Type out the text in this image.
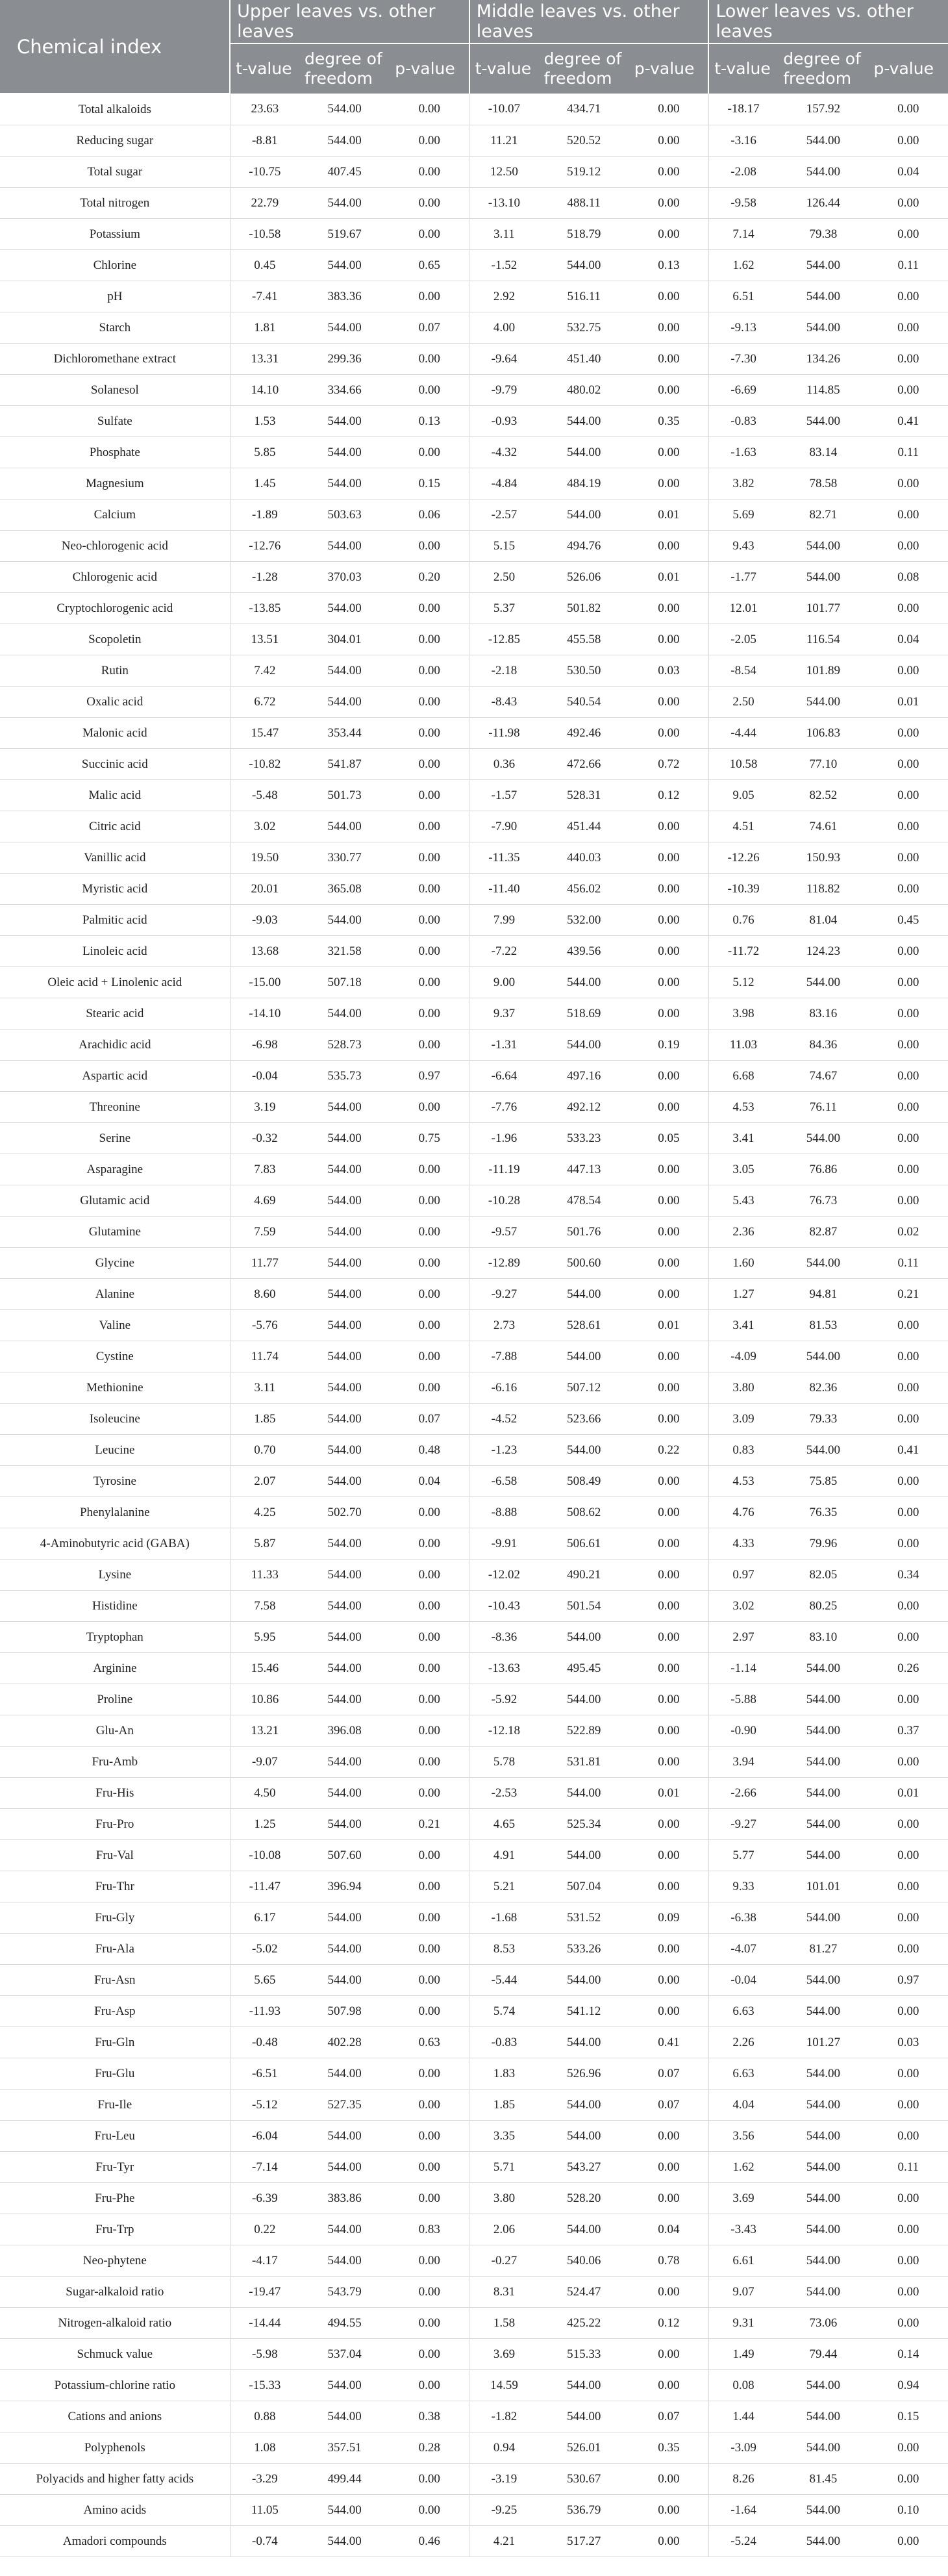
Chemical index	Upper leaves vs. other leaves			Middle leaves vs. other leaves			Lower leaves vs. other leaves		
	t-value	degree of freedom	p-value	t-value	degree of freedom	p-value	t-value	degree of freedom	p-value
Total alkaloids	23.63	544.00	0.00	-10.07	434.71	0.00	-18.17	157.92	0.00
Reducing sugar	-8.81	544.00	0.00	11.21	520.52	0.00	-3.16	544.00	0.00
Total sugar	-10.75	407.45	0.00	12.50	519.12	0.00	-2.08	544.00	0.04
Total nitrogen	22.79	544.00	0.00	-13.10	488.11	0.00	-9.58	126.44	0.00
Potassium	-10.58	519.67	0.00	3.11	518.79	0.00	7.14	79.38	0.00
Chlorine	0.45	544.00	0.65	-1.52	544.00	0.13	1.62	544.00	0.11
pH	-7.41	383.36	0.00	2.92	516.11	0.00	6.51	544.00	0.00
Starch	1.81	544.00	0.07	4.00	532.75	0.00	-9.13	544.00	0.00
Dichloromethane extract	13.31	299.36	0.00	-9.64	451.40	0.00	-7.30	134.26	0.00
Solanesol	14.10	334.66	0.00	-9.79	480.02	0.00	-6.69	114.85	0.00
Sulfate	1.53	544.00	0.13	-0.93	544.00	0.35	-0.83	544.00	0.41
Phosphate	5.85	544.00	0.00	-4.32	544.00	0.00	-1.63	83.14	0.11
Magnesium	1.45	544.00	0.15	-4.84	484.19	0.00	3.82	78.58	0.00
Calcium	-1.89	503.63	0.06	-2.57	544.00	0.01	5.69	82.71	0.00
Neo-chlorogenic acid	-12.76	544.00	0.00	5.15	494.76	0.00	9.43	544.00	0.00
Chlorogenic acid	-1.28	370.03	0.20	2.50	526.06	0.01	-1.77	544.00	0.08
Cryptochlorogenic acid	-13.85	544.00	0.00	5.37	501.82	0.00	12.01	101.77	0.00
Scopoletin	13.51	304.01	0.00	-12.85	455.58	0.00	-2.05	116.54	0.04
Rutin	7.42	544.00	0.00	-2.18	530.50	0.03	-8.54	101.89	0.00
Oxalic acid	6.72	544.00	0.00	-8.43	540.54	0.00	2.50	544.00	0.01
Malonic acid	15.47	353.44	0.00	-11.98	492.46	0.00	-4.44	106.83	0.00
Succinic acid	-10.82	541.87	0.00	0.36	472.66	0.72	10.58	77.10	0.00
Malic acid	-5.48	501.73	0.00	-1.57	528.31	0.12	9.05	82.52	0.00
Citric acid	3.02	544.00	0.00	-7.90	451.44	0.00	4.51	74.61	0.00
Vanillic acid	19.50	330.77	0.00	-11.35	440.03	0.00	-12.26	150.93	0.00
Myristic acid	20.01	365.08	0.00	-11.40	456.02	0.00	-10.39	118.82	0.00
Palmitic acid	-9.03	544.00	0.00	7.99	532.00	0.00	0.76	81.04	0.45
Linoleic acid	13.68	321.58	0.00	-7.22	439.56	0.00	-11.72	124.23	0.00
Oleic acid + Linolenic acid	-15.00	507.18	0.00	9.00	544.00	0.00	5.12	544.00	0.00
Stearic acid	-14.10	544.00	0.00	9.37	518.69	0.00	3.98	83.16	0.00
Arachidic acid	-6.98	528.73	0.00	-1.31	544.00	0.19	11.03	84.36	0.00
Aspartic acid	-0.04	535.73	0.97	-6.64	497.16	0.00	6.68	74.67	0.00
Threonine	3.19	544.00	0.00	-7.76	492.12	0.00	4.53	76.11	0.00
Serine	-0.32	544.00	0.75	-1.96	533.23	0.05	3.41	544.00	0.00
Asparagine	7.83	544.00	0.00	-11.19	447.13	0.00	3.05	76.86	0.00
Glutamic acid	4.69	544.00	0.00	-10.28	478.54	0.00	5.43	76.73	0.00
Glutamine	7.59	544.00	0.00	-9.57	501.76	0.00	2.36	82.87	0.02
Glycine	11.77	544.00	0.00	-12.89	500.60	0.00	1.60	544.00	0.11
Alanine	8.60	544.00	0.00	-9.27	544.00	0.00	1.27	94.81	0.21
Valine	-5.76	544.00	0.00	2.73	528.61	0.01	3.41	81.53	0.00
Cystine	11.74	544.00	0.00	-7.88	544.00	0.00	-4.09	544.00	0.00
Methionine	3.11	544.00	0.00	-6.16	507.12	0.00	3.80	82.36	0.00
Isoleucine	1.85	544.00	0.07	-4.52	523.66	0.00	3.09	79.33	0.00
Leucine	0.70	544.00	0.48	-1.23	544.00	0.22	0.83	544.00	0.41
Tyrosine	2.07	544.00	0.04	-6.58	508.49	0.00	4.53	75.85	0.00
Phenylalanine	4.25	502.70	0.00	-8.88	508.62	0.00	4.76	76.35	0.00
4-Aminobutyric acid (GABA)	5.87	544.00	0.00	-9.91	506.61	0.00	4.33	79.96	0.00
Lysine	11.33	544.00	0.00	-12.02	490.21	0.00	0.97	82.05	0.34
Histidine	7.58	544.00	0.00	-10.43	501.54	0.00	3.02	80.25	0.00
Tryptophan	5.95	544.00	0.00	-8.36	544.00	0.00	2.97	83.10	0.00
Arginine	15.46	544.00	0.00	-13.63	495.45	0.00	-1.14	544.00	0.26
Proline	10.86	544.00	0.00	-5.92	544.00	0.00	-5.88	544.00	0.00
Glu-An	13.21	396.08	0.00	-12.18	522.89	0.00	-0.90	544.00	0.37
Fru-Amb	-9.07	544.00	0.00	5.78	531.81	0.00	3.94	544.00	0.00
Fru-His	4.50	544.00	0.00	-2.53	544.00	0.01	-2.66	544.00	0.01
Fru-Pro	1.25	544.00	0.21	4.65	525.34	0.00	-9.27	544.00	0.00
Fru-Val	-10.08	507.60	0.00	4.91	544.00	0.00	5.77	544.00	0.00
Fru-Thr	-11.47	396.94	0.00	5.21	507.04	0.00	9.33	101.01	0.00
Fru-Gly	6.17	544.00	0.00	-1.68	531.52	0.09	-6.38	544.00	0.00
Fru-Ala	-5.02	544.00	0.00	8.53	533.26	0.00	-4.07	81.27	0.00
Fru-Asn	5.65	544.00	0.00	-5.44	544.00	0.00	-0.04	544.00	0.97
Fru-Asp	-11.93	507.98	0.00	5.74	541.12	0.00	6.63	544.00	0.00
Fru-Gln	-0.48	402.28	0.63	-0.83	544.00	0.41	2.26	101.27	0.03
Fru-Glu	-6.51	544.00	0.00	1.83	526.96	0.07	6.63	544.00	0.00
Fru-Ile	-5.12	527.35	0.00	1.85	544.00	0.07	4.04	544.00	0.00
Fru-Leu	-6.04	544.00	0.00	3.35	544.00	0.00	3.56	544.00	0.00
Fru-Tyr	-7.14	544.00	0.00	5.71	543.27	0.00	1.62	544.00	0.11
Fru-Phe	-6.39	383.86	0.00	3.80	528.20	0.00	3.69	544.00	0.00
Fru-Trp	0.22	544.00	0.83	2.06	544.00	0.04	-3.43	544.00	0.00
Neo-phytene	-4.17	544.00	0.00	-0.27	540.06	0.78	6.61	544.00	0.00
Sugar-alkaloid ratio	-19.47	543.79	0.00	8.31	524.47	0.00	9.07	544.00	0.00
Nitrogen-alkaloid ratio	-14.44	494.55	0.00	1.58	425.22	0.12	9.31	73.06	0.00
Schmuck value	-5.98	537.04	0.00	3.69	515.33	0.00	1.49	79.44	0.14
Potassium-chlorine ratio	-15.33	544.00	0.00	14.59	544.00	0.00	0.08	544.00	0.94
Cations and anions	0.88	544.00	0.38	-1.82	544.00	0.07	1.44	544.00	0.15
Polyphenols	1.08	357.51	0.28	0.94	526.01	0.35	-3.09	544.00	0.00
Polyacids and higher fatty acids	-3.29	499.44	0.00	-3.19	530.67	0.00	8.26	81.45	0.00
Amino acids	11.05	544.00	0.00	-9.25	536.79	0.00	-1.64	544.00	0.10
Amadori compounds	-0.74	544.00	0.46	4.21	517.27	0.00	-5.24	544.00	0.00
